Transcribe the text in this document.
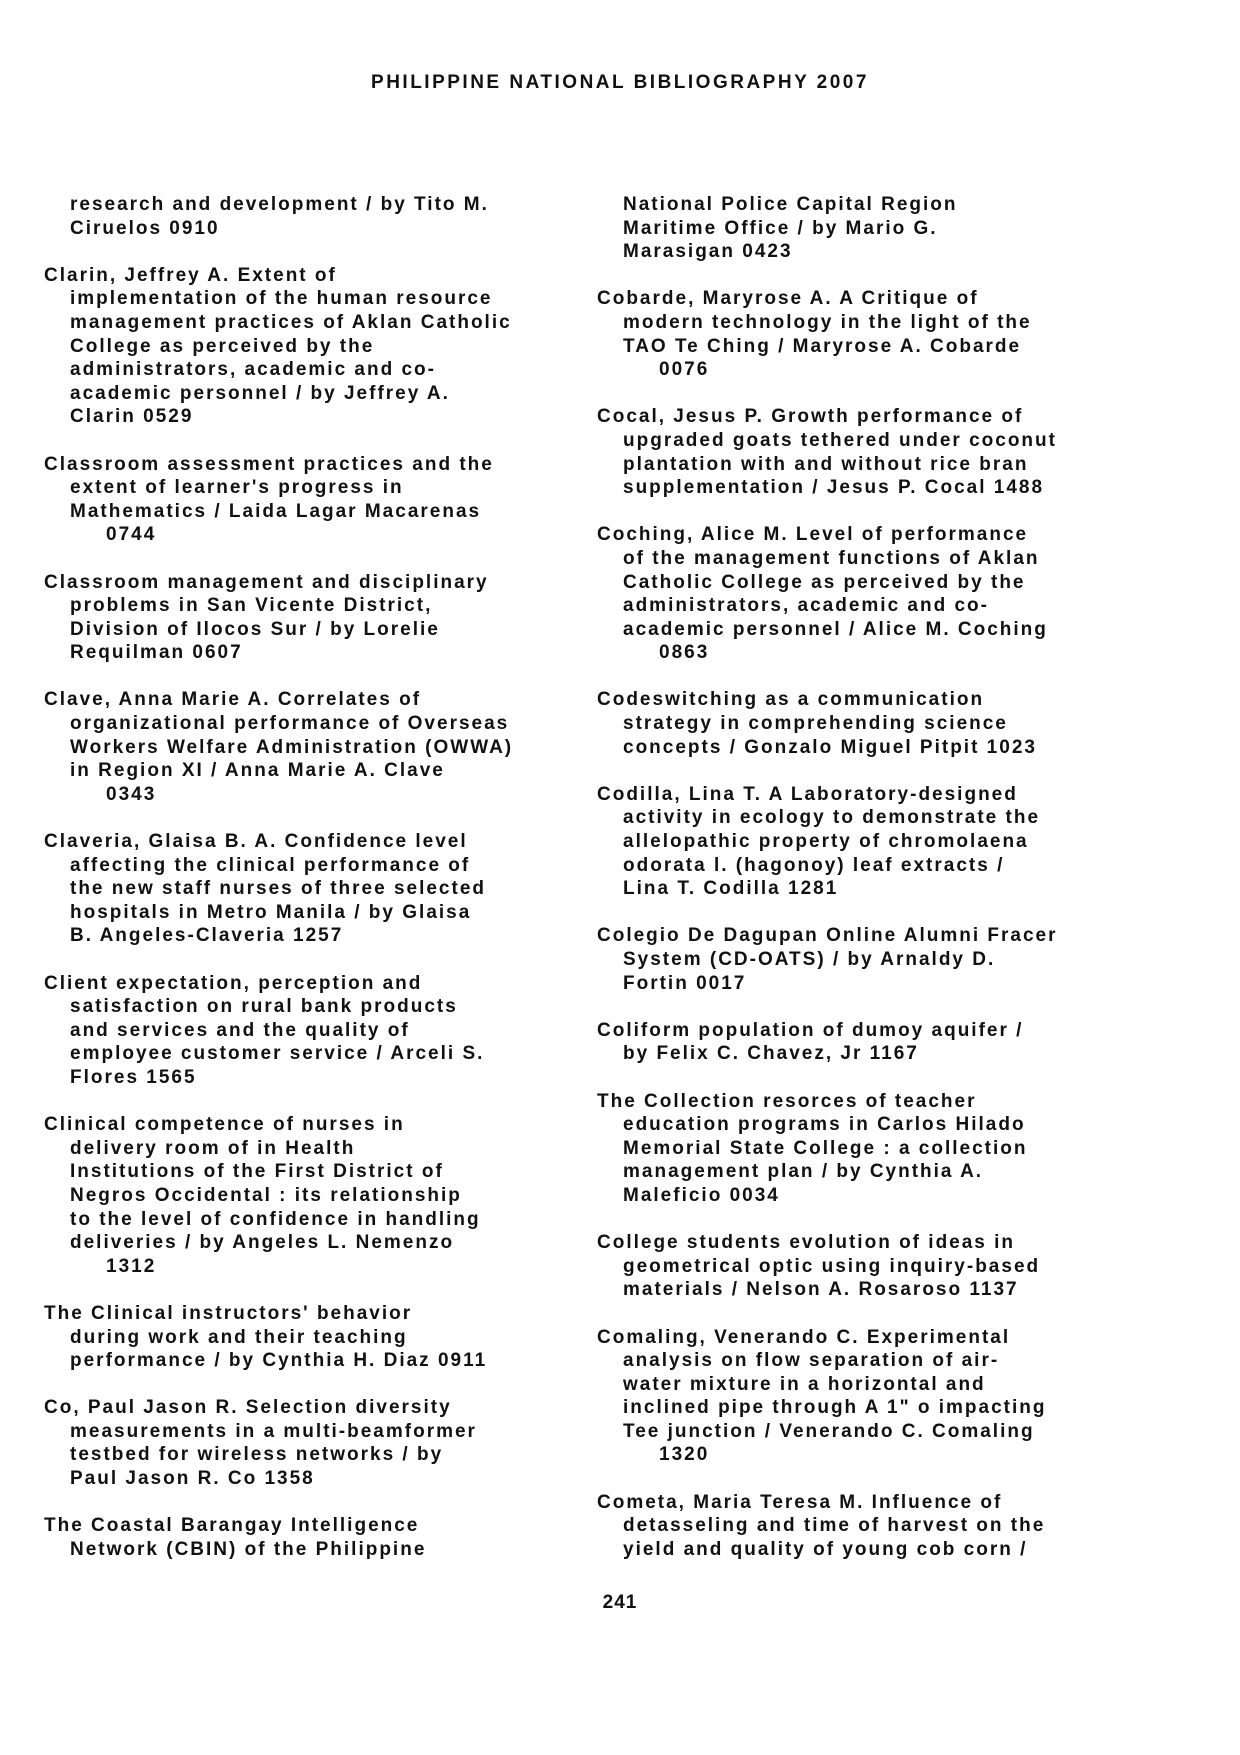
PHILIPPINE NATIONAL BIBLIOGRAPHY 2007
research and development / by Tito M.
Ciruelos 0910
Clarin, Jeffrey A. Extent of
implementation of the human resource
management practices of Aklan Catholic
College as perceived by the
administrators, academic and co-
academic personnel / by Jeffrey A.
Clarin 0529
Classroom assessment practices and the
extent of learner's progress in
Mathematics / Laida Lagar Macarenas
0744
Classroom management and disciplinary
problems in San Vicente District,
Division of Ilocos Sur / by Lorelie
Requilman 0607
Clave, Anna Marie A. Correlates of
organizational performance of Overseas
Workers Welfare Administration (OWWA)
in Region XI / Anna Marie A. Clave
0343
Claveria, Glaisa B. A. Confidence level
affecting the clinical performance of
the new staff nurses of three selected
hospitals in Metro Manila / by Glaisa
B. Angeles-Claveria 1257
Client expectation, perception and
satisfaction on rural bank products
and services and the quality of
employee customer service / Arceli S.
Flores 1565
Clinical competence of nurses in
delivery room of in Health
Institutions of the First District of
Negros Occidental : its relationship
to the level of confidence in handling
deliveries / by Angeles L. Nemenzo
1312
The Clinical instructors' behavior
during work and their teaching
performance / by Cynthia H. Diaz 0911
Co, Paul Jason R. Selection diversity
measurements in a multi-beamformer
testbed for wireless networks / by
Paul Jason R. Co 1358
The Coastal Barangay Intelligence
Network (CBIN) of the Philippine
National Police Capital Region
Maritime Office / by Mario G.
Marasigan 0423
Cobarde, Maryrose A. A Critique of
modern technology in the light of the
TAO Te Ching / Maryrose A. Cobarde
0076
Cocal, Jesus P. Growth performance of
upgraded goats tethered under coconut
plantation with and without rice bran
supplementation / Jesus P. Cocal 1488
Coching, Alice M. Level of performance
of the management functions of Aklan
Catholic College as perceived by the
administrators, academic and co-
academic personnel / Alice M. Coching
0863
Codeswitching as a communication
strategy in comprehending science
concepts / Gonzalo Miguel Pitpit 1023
Codilla, Lina T. A Laboratory-designed
activity in ecology to demonstrate the
allelopathic property of chromolaena
odorata l. (hagonoy) leaf extracts /
Lina T. Codilla 1281
Colegio De Dagupan Online Alumni Fracer
System (CD-OATS) / by Arnaldy D.
Fortin 0017
Coliform population of dumoy aquifer /
by Felix C. Chavez, Jr 1167
The Collection resorces of teacher
education programs in Carlos Hilado
Memorial State College : a collection
management plan / by Cynthia A.
Maleficio 0034
College students evolution of ideas in
geometrical optic using inquiry-based
materials / Nelson A. Rosaroso 1137
Comaling, Venerando C. Experimental
analysis on flow separation of air-
water mixture in a horizontal and
inclined pipe through A 1" o impacting
Tee junction / Venerando C. Comaling
1320
Cometa, Maria Teresa M. Influence of
detasseling and time of harvest on the
yield and quality of young cob corn /
241
